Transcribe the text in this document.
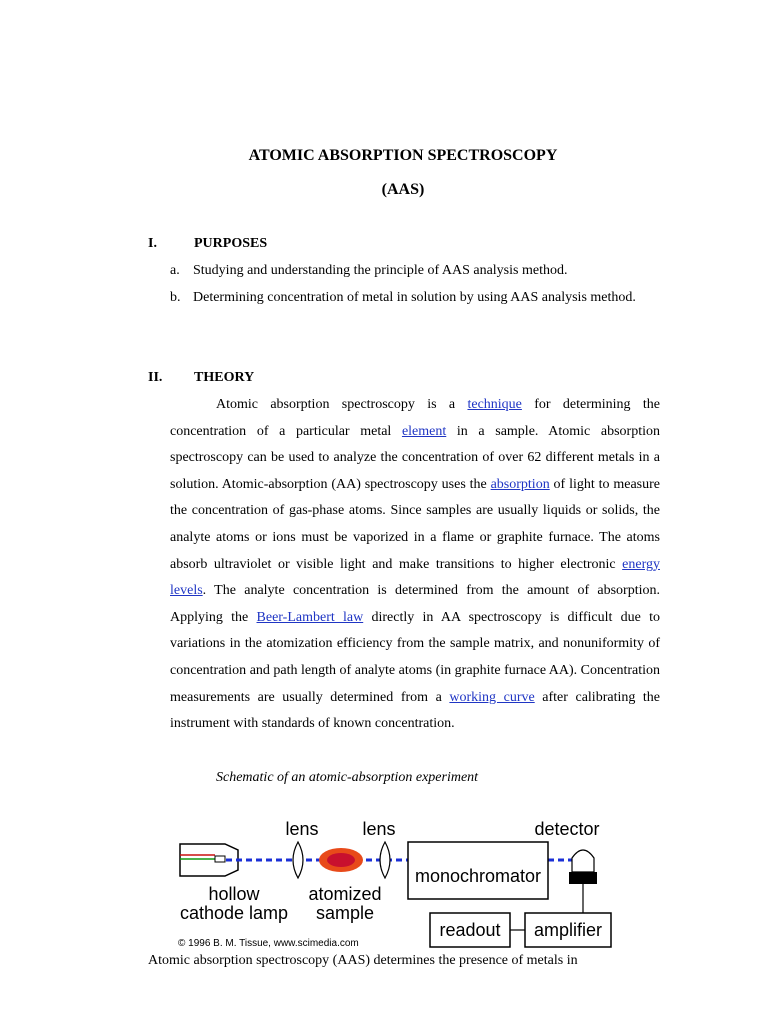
ATOMIC ABSORPTION SPECTROSCOPY
(AAS)
I.	PURPOSES
a. Studying and understanding the principle of AAS analysis method.
b. Determining concentration of metal in solution by using AAS analysis method.
II. THEORY
Atomic absorption spectroscopy is a technique for determining the concentration of a particular metal element in a sample. Atomic absorption spectroscopy can be used to analyze the concentration of over 62 different metals in a solution. Atomic-absorption (AA) spectroscopy uses the absorption of light to measure the concentration of gas-phase atoms. Since samples are usually liquids or solids, the analyte atoms or ions must be vaporized in a flame or graphite furnace. The atoms absorb ultraviolet or visible light and make transitions to higher electronic energy levels. The analyte concentration is determined from the amount of absorption. Applying the Beer-Lambert law directly in AA spectroscopy is difficult due to variations in the atomization efficiency from the sample matrix, and nonuniformity of concentration and path length of analyte atoms (in graphite furnace AA). Concentration measurements are usually determined from a working curve after calibrating the instrument with standards of known concentration.
Schematic of an atomic-absorption experiment
monochromator
readout amplifier
lens lens	detector
hollow
cathode lamp
atomized
sample
© 1996 B. M. Tissue, www.scimedia.com
Atomic absorption spectroscopy (AAS) determines the presence of metals in
